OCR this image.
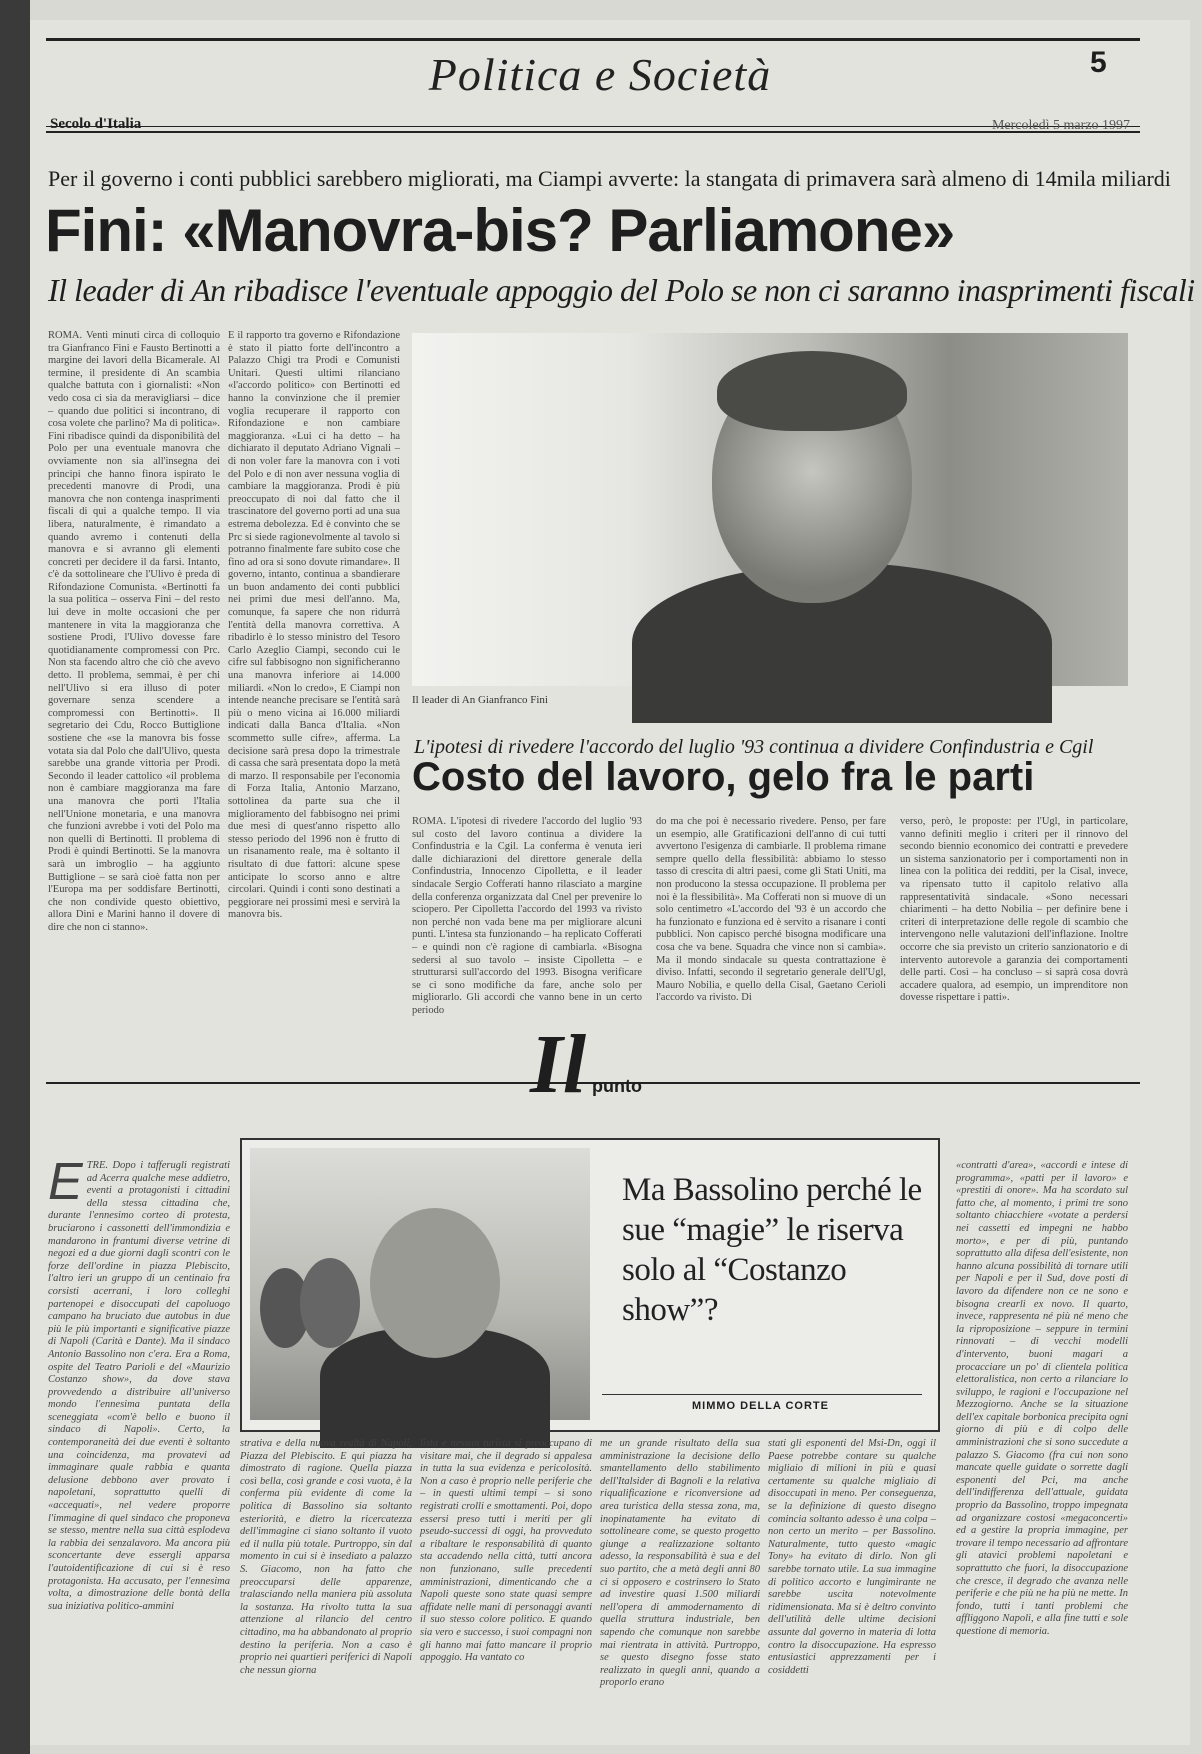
Politica e Società	5
Secolo d'Italia	Mercoledì 5 marzo 1997
Per il governo i conti pubblici sarebbero migliorati, ma Ciampi avverte: la stangata di primavera sarà almeno di 14mila miliardi
Fini: «Manovra-bis? Parliamone»
Il leader di An ribadisce l'eventuale appoggio del Polo se non ci saranno inasprimenti fiscali

ROMA. Venti minuti circa di colloquio tra Gianfranco Fini e Fausto Bertinotti a margine dei lavori della Bicamerale. Al termine, il presidente di An scambia qualche battuta con i giornalisti: «Non vedo cosa ci sia da meravigliarsi – dice – quando due politici si incontrano, di cosa volete che parlino? Ma di politica». Fini ribadisce quindi da disponibilità del Polo per una eventuale manovra che ovviamente non sia all'insegna dei principi che hanno finora ispirato le precedenti manovre di Prodi, una manovra che non contenga inasprimenti fiscali di qui a qualche tempo. Il via libera, naturalmente, è rimandato a quando avremo i contenuti della manovra e si avranno gli elementi concreti per decidere il da farsi. Intanto, c'è da sottolineare che l'Ulivo è preda di Rifondazione Comunista. «Bertinotti fa la sua politica – osserva Fini – del resto lui deve in molte occasioni che per mantenere in vita la maggioranza che sostiene Prodi, l'Ulivo dovesse fare quotidianamente compromessi con Prc. Non sta facendo altro che ciò che avevo detto. Il problema, semmai, è per chi nell'Ulivo si era illuso di poter governare senza scendere a compromessi con Bertinotti». Il segretario dei Cdu, Rocco Buttiglione sostiene che «se la manovra bis fosse votata sia dal Polo che dall'Ulivo, questa sarebbe una grande vittoria per Prodi. Secondo il leader cattolico «il problema non è cambiare maggioranza ma fare una manovra che porti l'Italia nell'Unione monetaria, e una manovra che funzioni avrebbe i voti del Polo ma non quelli di Bertinotti. Il problema di Prodi è quindi Bertinotti. Se la manovra sarà un imbroglio – ha aggiunto Buttiglione – se sarà cioè fatta non per l'Europa ma per soddisfare Bertinotti, che non condivide questo obiettivo, allora Dini e Marini hanno il dovere di dire che non ci stanno».

E il rapporto tra governo e Rifondazione è stato il piatto forte dell'incontro a Palazzo Chigi tra Prodi e Comunisti Unitari. Questi ultimi rilanciano «l'accordo politico» con Bertinotti ed hanno la convinzione che il premier voglia recuperare il rapporto con Rifondazione e non cambiare maggioranza. «Lui ci ha detto – ha dichiarato il deputato Adriano Vignali – di non voler fare la manovra con i voti del Polo e di non aver nessuna voglia di cambiare la maggioranza. Prodi è più preoccupato di noi dal fatto che il trascinatore del governo porti ad una sua estrema debolezza. Ed è convinto che se Prc si siede ragionevolmente al tavolo si potranno finalmente fare subito cose che fino ad ora si sono dovute rimandare». Il governo, intanto, continua a sbandierare un buon andamento dei conti pubblici nei primi due mesi dell'anno. Ma, comunque, fa sapere che non ridurrà l'entità della manovra correttiva. A ribadirlo è lo stesso ministro del Tesoro Carlo Azeglio Ciampi, secondo cui le cifre sul fabbisogno non significheranno una manovra inferiore ai 14.000 miliardi. «Non lo credo», E Ciampi non intende neanche precisare se l'entità sarà più o meno vicina ai 16.000 miliardi indicati dalla Banca d'Italia. «Non scommetto sulle cifre», afferma. La decisione sarà presa dopo la trimestrale di cassa che sarà presentata dopo la metà di marzo. Il responsabile per l'economia di Forza Italia, Antonio Marzano, sottolinea da parte sua che il miglioramento del fabbisogno nei primi due mesi di quest'anno rispetto allo stesso periodo del 1996 non è frutto di un risanamento reale, ma è soltanto il risultato di due fattori: alcune spese anticipate lo scorso anno e altre circolari. Quindi i conti sono destinati a peggiorare nei prossimi mesi e servirà la manovra bis.

Il leader di An Gianfranco Fini
L'ipotesi di rivedere l'accordo del luglio '93 continua a dividere Confindustria e Cgil
Costo del lavoro, gelo fra le parti

ROMA. L'ipotesi di rivedere l'accordo del luglio '93 sul costo del lavoro continua a dividere la Confindustria e la Cgil. La conferma è venuta ieri dalle dichiarazioni del direttore generale della Confindustria, Innocenzo Cipolletta, e il leader sindacale Sergio Cofferati hanno rilasciato a margine della conferenza organizzata dal Cnel per prevenire lo sciopero. Per Cipolletta l'accordo del 1993 va rivisto non perché non vada bene ma per migliorare alcuni punti. L'intesa sta funzionando – ha replicato Cofferati – e quindi non c'è ragione di cambiarla. «Bisogna sedersi al suo tavolo – insiste Cipolletta – e strutturarsi sull'accordo del 1993. Bisogna verificare se ci sono modifiche da fare, anche solo per migliorarlo. Gli accordi che vanno bene in un certo periodo

do ma che poi è necessario rivedere. Penso, per fare un esempio, alle Gratificazioni dell'anno di cui tutti avvertono l'esigenza di cambiarle. Il problema rimane sempre quello della flessibilità: abbiamo lo stesso tasso di crescita di altri paesi, come gli Stati Uniti, ma non producono la stessa occupazione. Il problema per noi è la flessibilità». Ma Cofferati non si muove di un solo centimetro «L'accordo del '93 è un accordo che ha funzionato e funziona ed è servito a risanare i conti pubblici. Non capisco perché bisogna modificare una cosa che va bene. Squadra che vince non si cambia». Ma il mondo sindacale su questa contrattazione è diviso. Infatti, secondo il segretario generale dell'Ugl, Mauro Nobilia, e quello della Cisal, Gaetano Cerioli l'accordo va rivisto. Di

verso, però, le proposte: per l'Ugl, in particolare, vanno definiti meglio i criteri per il rinnovo del secondo biennio economico dei contratti e prevedere un sistema sanzionatorio per i comportamenti non in linea con la politica dei redditi, per la Cisal, invece, va ripensato tutto il capitolo relativo alla rappresentatività sindacale. «Sono necessari chiarimenti – ha detto Nobilia – per definire bene i criteri di interpretazione delle regole di scambio che intervengono nelle valutazioni dell'inflazione. Inoltre occorre che sia previsto un criterio sanzionatorio e di intervento autorevole a garanzia dei comportamenti delle parti. Così – ha concluso – si saprà cosa dovrà accadere qualora, ad esempio, un imprenditore non dovesse rispettare i patti».

Il punto
E TRE. Dopo i tafferugli registrati ad Acerra qualche mese addietro, eventi a protagonisti i cittadini della stessa cittadina che, durante l'ennesimo corteo di protesta, bruciarono i cassonetti dell'immondizia e mandarono in frantumi diverse vetrine di negozi ed a due giorni dagli scontri con le forze dell'ordine in piazza Plebiscito, l'altro ieri un gruppo di un centinaio fra corsisti acerrani, i loro colleghi partenopei e disoccupati del capoluogo campano ha bruciato due autobus in due più le più importanti e significative piazze di Napoli (Carità e Dante). Ma il sindaco Antonio Bassolino non c'era. Era a Roma, ospite del Teatro Parioli e del «Maurizio Costanzo show», da dove stava provvedendo a distribuire all'universo mondo l'ennesima puntata della sceneggiata «com'è bello e buono il sindaco di Napoli». Certo, la contemporaneità dei due eventi è soltanto una coincidenza, ma provatevi ad immaginare quale rabbia e quanta delusione debbono aver provato i napoletani, soprattutto quelli di «accequati», nel vedere proporre l'immagine di quel sindaco che proponeva se stesso, mentre nella sua città esplodeva la rabbia dei senzalavoro. Ma ancora più sconcertante deve essergli apparsa l'autoidentificazione di cui si è reso protagonista. Ha accusato, per l'ennesima volta, a dimostrazione delle bontà della sua iniziativa politico-ammini

Ma Bassolino perché le sue “magie” le riserva solo al “Costanzo show”?
MIMMO DELLA CORTE

strativa e della nuova realtà di Napoli, Piazza del Plebiscito. E qui piazza ha dimostrato di ragione. Quella piazza così bella, così grande e così vuota, è la conferma più evidente di come la politica di Bassolino sia soltanto esteriorità, e dietro la ricercatezza dell'immagine ci siano soltanto il vuoto ed il nulla più totale. Purtroppo, sin dal momento in cui si è insediato a palazzo S. Giacomo, non ha fatto che preoccuparsi delle apparenze, tralasciando nella maniera più assoluta la sostanza. Ha rivolto tutta la sua attenzione al rilancio del centro cittadino, ma ha abbandonato al proprio destino la periferia. Non a caso è proprio nei quartieri periferici di Napoli che nessun giorna

lista e nessun turista si preoccupano di visitare mai, che il degrado si appalesa in tutta la sua evidenza e pericolosità. Non a caso è proprio nelle periferie che – in questi ultimi tempi – si sono registrati crolli e smottamenti. Poi, dopo essersi preso tutti i meriti per gli pseudo-successi di oggi, ha provveduto a ribaltare le responsabilità di quanto sta accadendo nella città, tutti ancora non funzionano, sulle precedenti amministrazioni, dimenticando che a Napoli queste sono state quasi sempre affidate nelle mani di personaggi avanti il suo stesso colore politico. E quando sia vero e successo, i suoi compagni non gli hanno mai fatto mancare il proprio appoggio. Ha vantato co

me un grande risultato della sua amministrazione la decisione dello smantellamento dello stabilimento dell'Italsider di Bagnoli e la relativa riqualificazione e riconversione ad area turistica della stessa zona, ma, inopinatamente ha evitato di sottolineare come, se questo progetto giunge a realizzazione soltanto adesso, la responsabilità è sua e del suo partito, che a metà degli anni 80 ci si opposero e costrinsero lo Stato ad investire quasi 1.500 miliardi nell'opera di ammodernamento di quella struttura industriale, ben sapendo che comunque non sarebbe mai rientrata in attività. Purtroppo, se questo disegno fosse stato realizzato in quegli anni, quando a proporlo erano

stati gli esponenti del Msi-Dn, oggi il Paese potrebbe contare su qualche migliaio di milioni in più e quasi certamente su qualche migliaio di disoccupati in meno. Per conseguenza, se la definizione di questo disegno comincia soltanto adesso è una colpa – non certo un merito – per Bassolino. Naturalmente, tutto questo «magic Tony» ha evitato di dirlo. Non gli sarebbe tornato utile. La sua immagine di politico accorto e lungimirante ne sarebbe uscita notevolmente ridimensionata. Ma si è deltro convinto dell'utilità delle ultime decisioni assunte dal governo in materia di lotta contro la disoccupazione. Ha espresso entusiastici apprezzamenti per i cosiddetti

«contratti d'area», «accordi e intese di programma», «patti per il lavoro» e «prestiti di onore». Ma ha scordato sul fatto che, al momento, i primi tre sono soltanto chiacchiere «votate a perdersi nei cassetti ed impegni ne habbo morto», e per di più, puntando soprattutto alla difesa dell'esistente, non hanno alcuna possibilità di tornare utili per Napoli e per il Sud, dove posti di lavoro da difendere non ce ne sono e bisogna crearli ex novo. Il quarto, invece, rappresenta né più né meno che la riproposizione – seppure in termini rinnovati – di vecchi modelli d'intervento, buoni magari a procacciare un po' di clientela politica elettoralistica, non certo a rilanciare lo sviluppo, le ragioni e l'occupazione nel Mezzogiorno. Anche se la situazione dell'ex capitale borbonica precipita ogni giorno di più e di colpo delle amministrazioni che si sono succedute a palazzo S. Giacomo (fra cui non sono mancate quelle guidate o sorrette dagli esponenti del Pci, ma anche dell'indifferenza dell'attuale, guidata proprio da Bassolino, troppo impegnata ad organizzare costosi «megaconcerti» ed a gestire la propria immagine, per trovare il tempo necessario ad affrontare gli atavici problemi napoletani e soprattutto che fuori, la disoccupazione che cresce, il degrado che avanza nelle periferie e che più ne ha più ne mette. In fondo, tutti i tanti problemi che affliggono Napoli, e alla fine tutti e sole questione di memoria.
